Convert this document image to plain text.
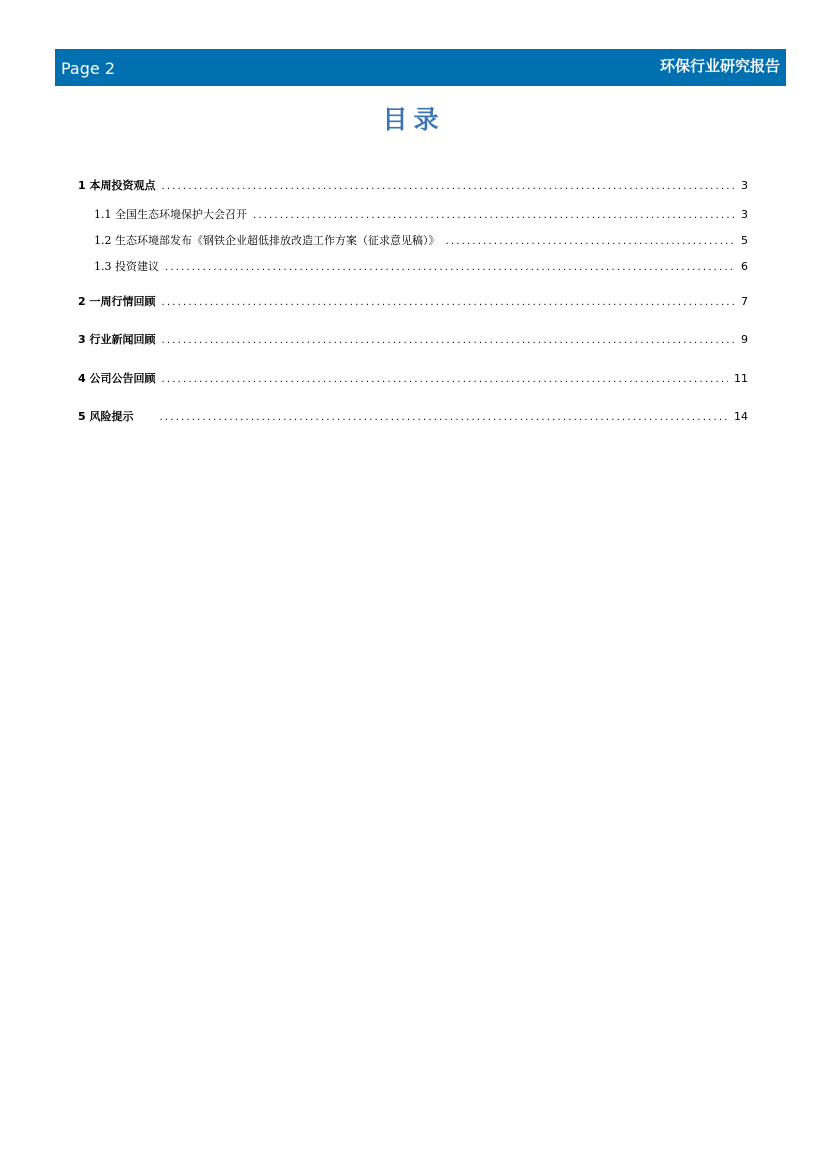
Page 2	环保行业研究报告
目录
1 本周投资观点 .....	3
1.1 全国生态环境保护大会召开 .....	3
1.2 生态环境部发布《钢铁企业超低排放改造工作方案（征求意见稿）》 .....	5
1.3 投资建议 .....	6
2 一周行情回顾 .....	7
3 行业新闻回顾 .....	9
4 公司公告回顾 .....	11
5 风险提示 .....	14
